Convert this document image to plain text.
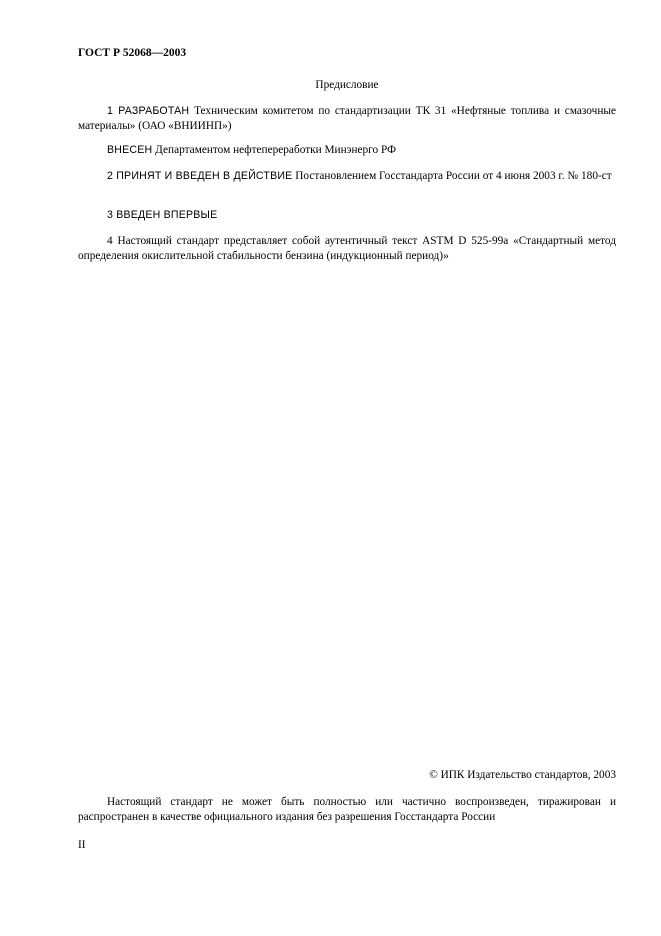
ГОСТ Р 52068—2003
Предисловие

1 РАЗРАБОТАН Техническим комитетом по стандартизации ТК 31 «Нефтяные топлива и смазочные материалы» (ОАО «ВНИИНП»)

ВНЕСЕН Департаментом нефтепереработки Минэнерго РФ

2 ПРИНЯТ И ВВЕДЕН В ДЕЙСТВИЕ Постановлением Госстандарта России от 4 июня 2003 г. № 180-ст

3 ВВЕДЕН ВПЕРВЫЕ

4 Настоящий стандарт представляет собой аутентичный текст ASTM D 525-99a «Стандартный метод определения окислительной стабильности бензина (индукционный период)»

© ИПК Издательство стандартов, 2003

Настоящий стандарт не может быть полностью или частично воспроизведен, тиражирован и распространен в качестве официального издания без разрешения Госстандарта России

II
